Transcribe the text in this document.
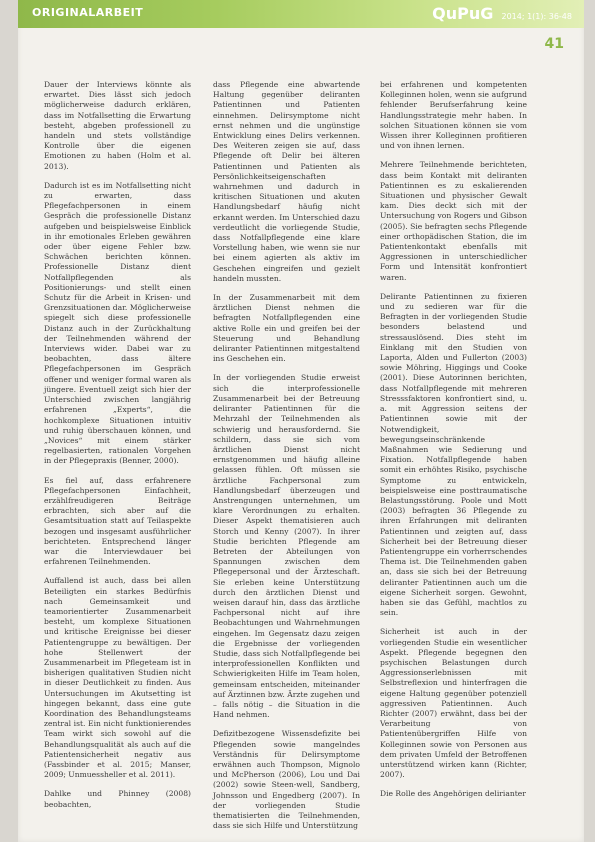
ORIGINALARBEIT	QuPuG 2014; 1(1): 36-48
41

Dauer der Interviews könnte als erwartet. Dies lässt sich jedoch möglicherweise dadurch erklären, dass im Notfallsetting die Erwartung besteht, abgeben professionell zu handeln und stets vollständige Kontrolle über die eigenen Emotionen zu haben (Holm et al. 2013).

Dadurch ist es im Notfallsetting nicht zu erwarten, dass Pflegefachpersonen in einem Gespräch die professionelle Distanz aufgeben und beispielsweise Einblick in ihr emotionales Erleben gewähren oder über eigene Fehler bzw. Schwächen berichten können. Professionelle Distanz dient Notfallpflegenden als Positionierungs- und stellt einen Schutz für die Arbeit in Krisen- und Grenzsituationen dar. Möglicherweise spiegelt sich diese professionelle Distanz auch in der Zurückhaltung der Teilnehmenden während der Interviews wider. Dabei war zu beobachten, dass ältere Pflegefachpersonen im Gespräch offener und weniger formal waren als jüngere. Eventuell zeigt sich hier der Unterschied zwischen langjährig erfahrenen „Experts“, die hochkomplexe Situationen intuitiv und ruhig überschauen können, und „Novices“ mit einem stärker regelbasierten, rationalen Vorgehen in der Pflegepraxis (Benner, 2000).

Es fiel auf, dass erfahrenere Pflegefachpersonen Einfachheit, erzählfreudigeren Beiträge erbrachten, sich aber auf die Gesamtsituation statt auf Teilaspekte bezogen und insgesamt ausführlicher berichteten. Entsprechend länger war die Interviewdauer bei erfahrenen Teilnehmenden.

Auffallend ist auch, dass bei allen Beteiligten ein starkes Bedürfnis nach Gemeinsamkeit und teamorientierter Zusammenarbeit besteht, um komplexe Situationen und kritische Ereignisse bei dieser Patientengruppe zu bewältigen. Der hohe Stellenwert der Zusammenarbeit im Pflegeteam ist in bisherigen qualitativen Studien nicht in dieser Deutlichkeit zu finden. Aus Untersuchungen im Akutsetting ist hingegen bekannt, dass eine gute Koordination des Behandlungsteams zentral ist. Ein nicht funktionierendes Team wirkt sich sowohl auf die Behandlungsqualität als auch auf die Patientensicherheit negativ aus (Fassbinder et al. 2015; Manser, 2009; Unmuessheller et al. 2011).

Dahlke und Phinney (2008) beobachten,

dass Pflegende eine abwartende Haltung gegenüber deliranten Patientinnen und Patienten einnehmen. Delirsymptome nicht ernst nehmen und die ungünstige Entwicklung eines Delirs verkennen. Des Weiteren zeigen sie auf, dass Pflegende oft Delir bei älteren Patientinnen und Patienten als Persönlichkeitseigenschaften wahrnehmen und dadurch in kritischen Situationen und akuten Handlungsbedarf häufig nicht erkannt werden. Im Unterschied dazu verdeutlicht die vorliegende Studie, dass Notfallpflegende eine klare Vorstellung haben, wie wenn sie nur bei einem agierten als aktiv im Geschehen eingreifen und gezielt handeln mussten.

In der Zusammenarbeit mit dem ärztlichen Dienst nehmen die befragten Notfallpflegenden eine aktive Rolle ein und greifen bei der Steuerung und Behandlung deliranter Patientinnen mitgestaltend ins Geschehen ein.

In der vorliegenden Studie erweist sich die interprofessionelle Zusammenarbeit bei der Betreuung deliranter Patientinnen für die Mehrzahl der Teilnehmenden als schwierig und herausfordernd. Sie schildern, dass sie sich vom ärztlichen Dienst nicht ernstgenommen und häufig alleine gelassen fühlen. Oft müssen sie ärztliche Fachpersonal zum Handlungsbedarf überzeugen und Anstrengungen unternehmen, um klare Verordnungen zu erhalten. Dieser Aspekt thematisieren auch Storch und Kenny (2007). In ihrer Studie berichten Pflegende am Betreten der Abteilungen von Spannungen zwischen dem Pflegepersonal und der Ärzteschaft. Sie erleben keine Unterstützung durch den ärztlichen Dienst und weisen darauf hin, dass das ärztliche Fachpersonal nicht auf ihre Beobachtungen und Wahrnehmungen eingehen. Im Gegensatz dazu zeigen die Ergebnisse der vorliegenden Studie, dass sich Notfallpflegende bei interprofessionellen Konflikten und Schwierigkeiten Hilfe im Team holen, gemeinsam entscheiden, miteinander auf Ärztinnen bzw. Ärzte zugehen und – falls nötig – die Situation in die Hand nehmen.

Defizitbezogene Wissensdefizite bei Pflegenden sowie mangelndes Verständnis für Delirsymptome erwähnen auch Thompson, Mignolo und McPherson (2006), Lou und Dai (2002) sowie Steen-well, Sandberg, Johnsson und Engedberg (2007). In der vorliegenden Studie thematisierten die Teilnehmenden, dass sie sich Hilfe und Unterstützung

bei erfahrenen und kompetenten Kolleginnen holen, wenn sie aufgrund fehlender Berufserfahrung keine Handlungsstrategie mehr haben. In solchen Situationen können sie vom Wissen ihrer Kolleginnen profitieren und von ihnen lernen.

Mehrere Teilnehmende berichteten, dass beim Kontakt mit deliranten Patientinnen es zu eskalierenden Situationen und physischer Gewalt kam. Dies deckt sich mit der Untersuchung von Rogers und Gibson (2005). Sie befragten sechs Pflegende einer orthopädischen Station, die im Patientenkontakt ebenfalls mit Aggressionen in unterschiedlicher Form und Intensität konfrontiert waren.

Delirante Patientinnen zu fixieren und zu sedieren war für die Befragten in der vorliegenden Studie besonders belastend und stressauslösend. Dies steht im Einklang mit den Studien von Laporta, Alden und Fullerton (2003) sowie Möhring, Higgings und Cooke (2001). Diese Autorinnen berichten, dass Notfallpflegende mit mehreren Stresssfaktoren konfrontiert sind, u. a. mit Aggression seitens der Patientinnen sowie mit der Notwendigkeit, bewegungseinschränkende Maßnahmen wie Sedierung und Fixation. Notfallpflegende haben somit ein erhöhtes Risiko, psychische Symptome zu entwickeln, beispielsweise eine posttraumatische Belastungsstörung. Poole und Mott (2003) befragten 36 Pflegende zu ihren Erfahrungen mit deliranten Patientinnen und zeigten auf, dass Sicherheit bei der Betreuung dieser Patientengruppe ein vorherrschendes Thema ist. Die Teilnehmenden gaben an, dass sie sich bei der Betreuung deliranter Patientinnen auch um die eigene Sicherheit sorgen. Gewohnt, haben sie das Gefühl, machtlos zu sein.

Sicherheit ist auch in der vorliegenden Studie ein wesentlicher Aspekt. Pflegende begegnen den psychischen Belastungen durch Aggressionserlebnissen mit Selbstreflexion und hinterfragen die eigene Haltung gegenüber potenziell aggressiven Patientinnen. Auch Richter (2007) erwähnt, dass bei der Verarbeitung von Patientenübergriffen Hilfe von Kolleginnen sowie von Personen aus dem privaten Umfeld der Betroffenen unterstützend wirken kann (Richter, 2007).

Die Rolle des Angehörigen delirianter
